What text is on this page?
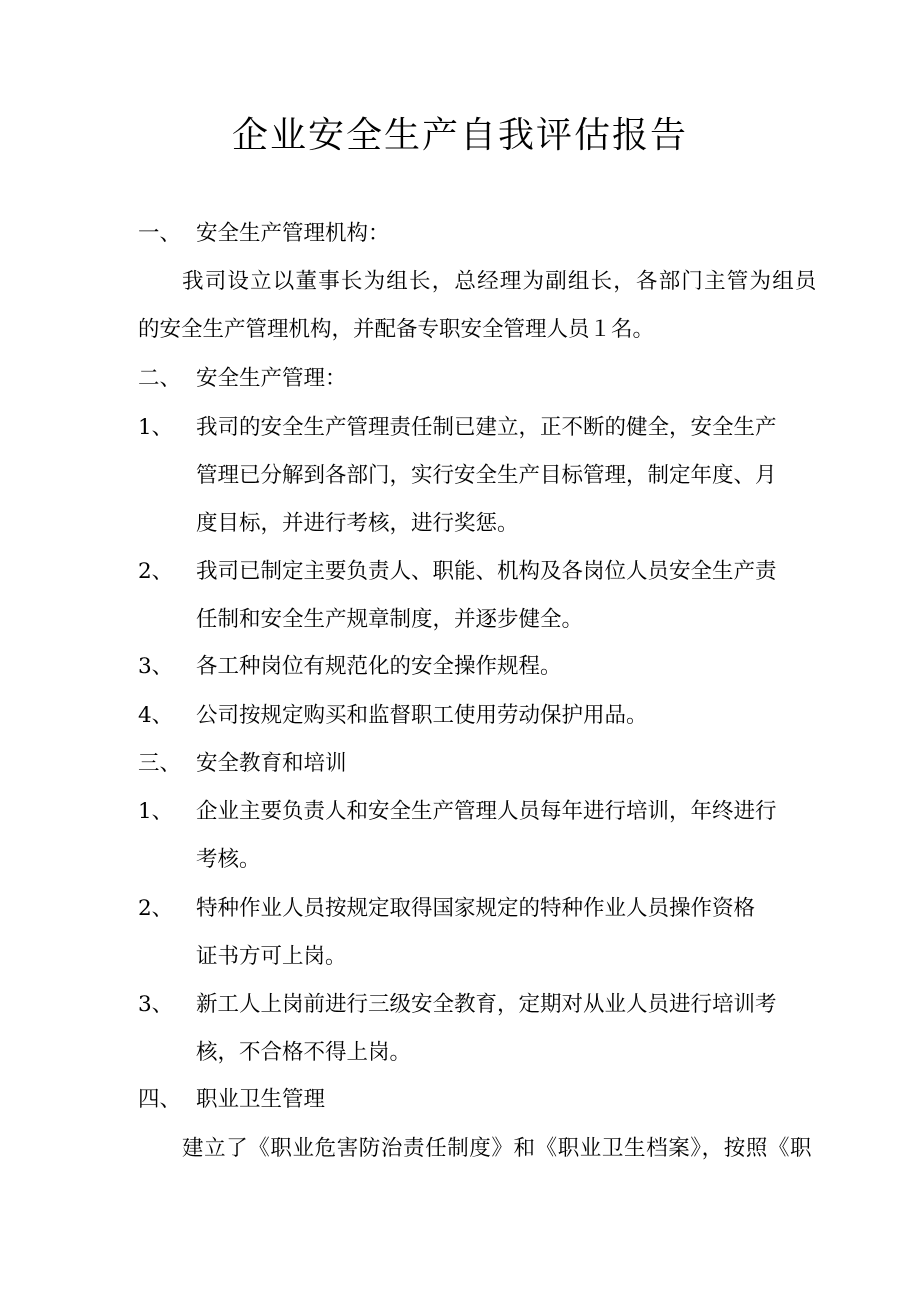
企业安全生产自我评估报告
一、 安全生产管理机构：
我司设立以董事长为组长，总经理为副组长，各部门主管为组员
的安全生产管理机构，并配备专职安全管理人员１名。
二、 安全生产管理：
1、 我司的安全生产管理责任制已建立，正不断的健全，安全生产
管理已分解到各部门，实行安全生产目标管理，制定年度、月
度目标，并进行考核，进行奖惩。
2、 我司已制定主要负责人、职能、机构及各岗位人员安全生产责
任制和安全生产规章制度，并逐步健全。
3、 各工种岗位有规范化的安全操作规程。
4、 公司按规定购买和监督职工使用劳动保护用品。
三、 安全教育和培训
1、 企业主要负责人和安全生产管理人员每年进行培训，年终进行
考核。
2、 特种作业人员按规定取得国家规定的特种作业人员操作资格
证书方可上岗。
3、 新工人上岗前进行三级安全教育，定期对从业人员进行培训考
核，不合格不得上岗。
四、 职业卫生管理
建立了《职业危害防治责任制度》和《职业卫生档案》，按照《职
